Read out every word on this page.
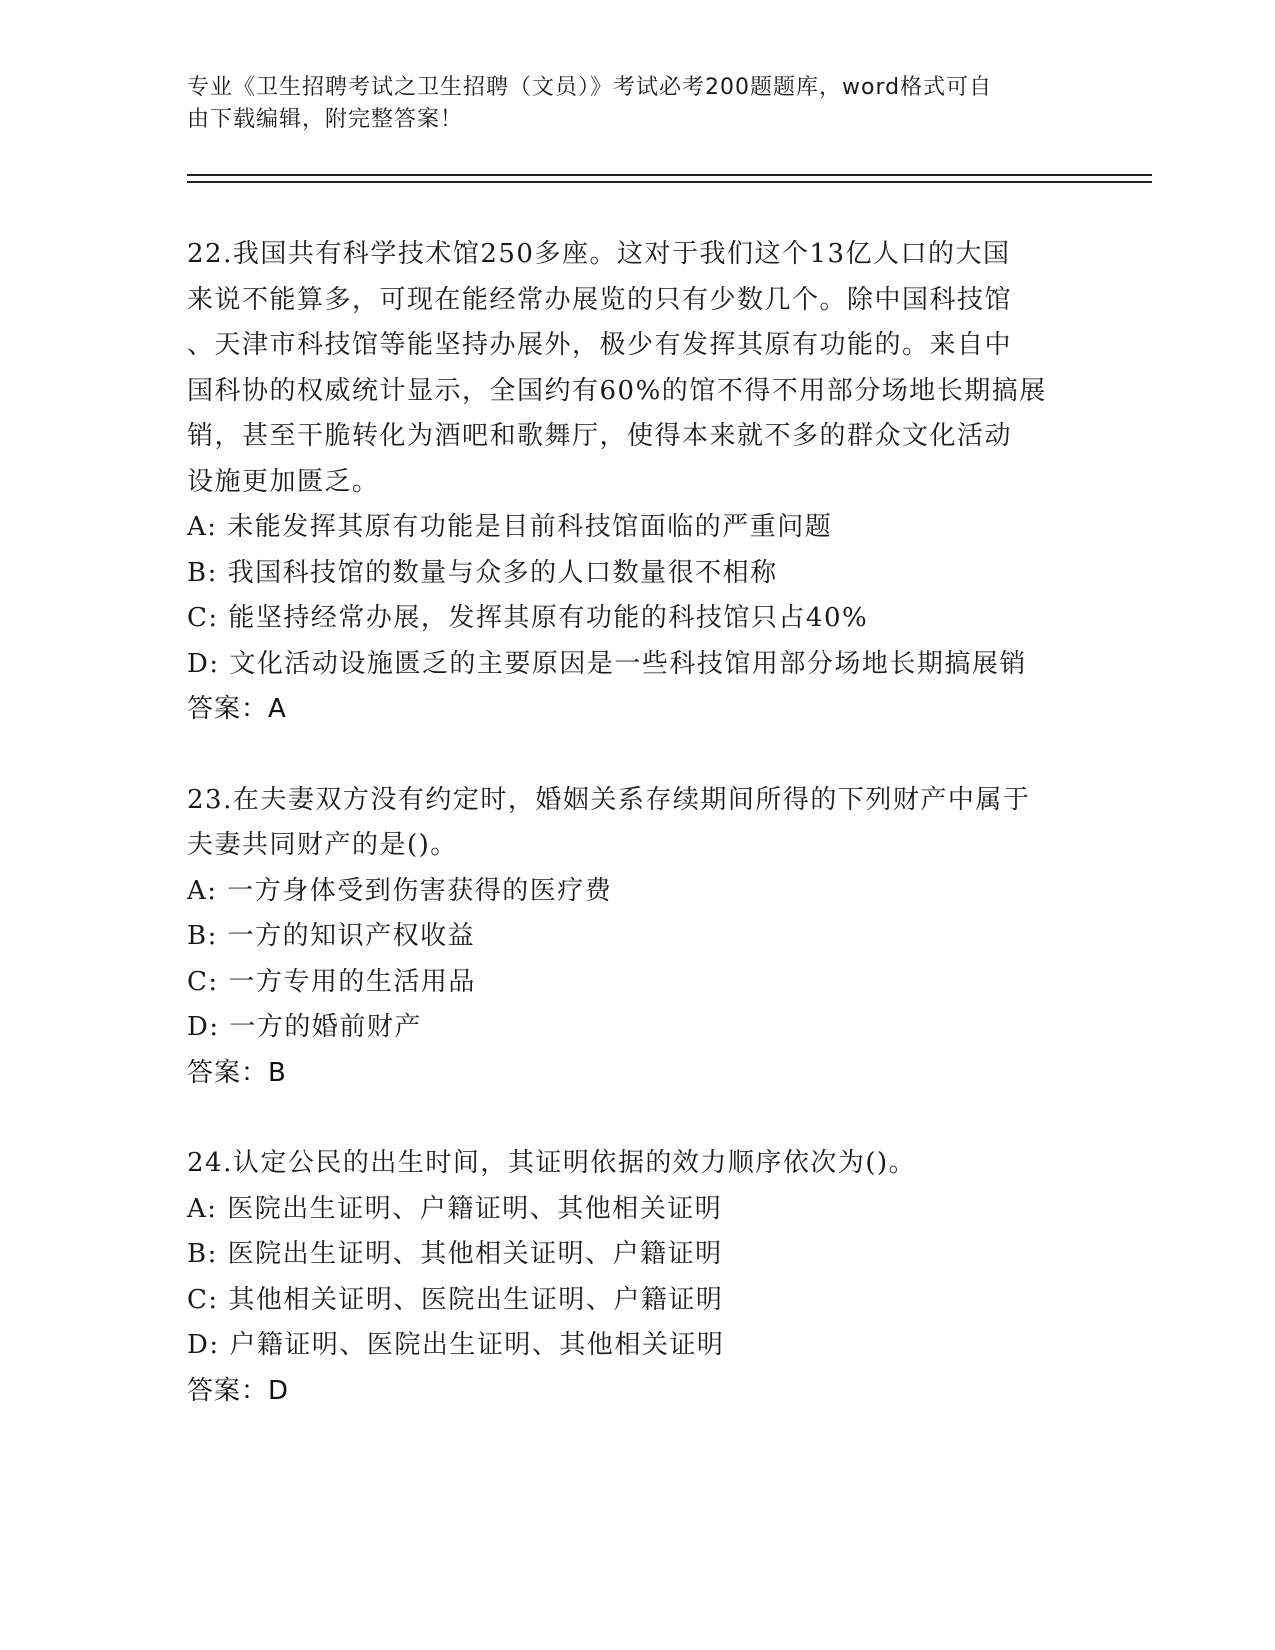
专业《卫生招聘考试之卫生招聘（文员）》考试必考200题题库，word格式可自
由下载编辑，附完整答案！
22.我国共有科学技术馆250多座。这对于我们这个13亿人口的大国
来说不能算多，可现在能经常办展览的只有少数几个。除中国科技馆
、天津市科技馆等能坚持办展外，极少有发挥其原有功能的。来自中
国科协的权威统计显示，全国约有60%的馆不得不用部分场地长期搞展
销，甚至干脆转化为酒吧和歌舞厅，使得本来就不多的群众文化活动
设施更加匮乏。
A: 未能发挥其原有功能是目前科技馆面临的严重问题
B: 我国科技馆的数量与众多的人口数量很不相称
C: 能坚持经常办展，发挥其原有功能的科技馆只占40%
D: 文化活动设施匮乏的主要原因是一些科技馆用部分场地长期搞展销
答案：A
23.在夫妻双方没有约定时，婚姻关系存续期间所得的下列财产中属于
夫妻共同财产的是()。
A: 一方身体受到伤害获得的医疗费
B: 一方的知识产权收益
C: 一方专用的生活用品
D: 一方的婚前财产
答案：B
24.认定公民的出生时间，其证明依据的效力顺序依次为()。
A: 医院出生证明、户籍证明、其他相关证明
B: 医院出生证明、其他相关证明、户籍证明
C: 其他相关证明、医院出生证明、户籍证明
D: 户籍证明、医院出生证明、其他相关证明
答案：D
